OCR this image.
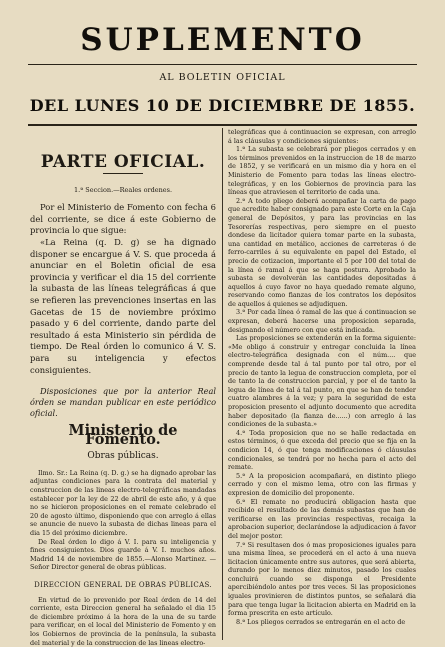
SUPLEMENTO
AL BOLETIN OFICIAL
DEL LUNES 10 DE DICIEMBRE DE 1855.
PARTE OFICIAL.
1.ª Seccion.—Reales ordenes.

Por el Ministerio de Fomento con fecha 6 del corriente, se dice á este Gobierno de provincia lo que sigue:

«La Reina (q. D. g) se ha dignado disponer se encargue á V. S. que proceda á anunciar en el Boletin oficial de esa provincia y verificar el dia 15 del corriente la subasta de las líneas telegráficas á que se refieren las prevenciones insertas en las Gacetas de 15 de noviembre próximo pasado y 6 del corriente, dando parte del resultado á esta Ministerio sin pérdida de tiempo. De Real órden lo comunico á V. S. para su inteligencia y efectos consiguientes.

Disposiciones que por la anterior Real órden se mandan publicar en este periódico oficial.
Ministerio de Fomento.
Obras públicas.

Ilmo. Sr.: La Reina (q. D. g.) se ha dignado aprobar las adjuntas condiciones para la contrata del material y construccion de las lineas electro-telegráficas mandadas establecer por la ley de 22 de abril de este año, y á que no se hicieron proposiciones en el remate celebrado el 20 de agosto último, disponiendo que con arreglo á ellas se anuncie de nuevo la subasta de dichas lineas para el dia 15 del próximo diciembre.

De Real órden lo digo á V. I. para su inteligencia y fines consiguientes. Dios guarde á V. I. muchos años. Madrid 14 de noviembre de 1855.—Alonso Martinez. —Señor Director general de obras públicas.

DIRECCION GENERAL DE OBRAS PÚBLICAS.

En virtud de lo prevenido por Real órden de 14 del corriente, esta Direccion general ha señalado el dia 15 de diciembre próximo á la hora de la una de su tarde para verificar, en el local del Ministerio de Fomento y en los Gobiernos de provincia de la península, la subasta del material y de la construccion de las lineas electro-

telegráficas que á continuacion se expresan, con arreglo á las cláusulas y condiciones siguientes:

1.ª La subasta se celebrará por pliegos cerrados y en los términos prevenidos en la instruccion de 18 de marzo de 1852, y se verificará en un mismo dia y hora en el Ministerio de Fomento para todas las líneas electro-telegráficas, y en los Gobiernos de provincia para las líneas que atraviesen el territorio de cada una.

2.ª A todo pliego deberá acompañar la carta de pago que acredite haber consignado para este Corte en la Caja general de Depósitos, y para las provincias en las Tesorerías respectivas, pero siempre en el puesto dondese da licitador quiera tomar parte en la subasta, una cantidad en metálico, acciones de carreteras ó de ferro-carriles á su equivalente en papel del Estado, el precio de cotizacion, importante el 5 por 100 del total de la línea ó ramal á que se haga postura. Aprobado la subasta se devolverán las cantidades depositadas á aquellos á cuyo favor no haya quedado remate alguno, reservando como fianzas de los contratos los depósitos de aquellos á quienes se adjudiquen.

3.ª Por cada línea ó ramal de las que á continuacion se expresan, deberá hacerse una proposicion separada, designando el número con que está indicada.

Las proposiciones se extenderán en la forma siguiente: «Me obligo á construir y entregar concluida la línea electro-telegráfica designada con el núm.... que comprende desde tal á tal punto por tal otro, por el precio de tanto la legua de construccion completa, por el de tanto la de construccion parcial, y por el de tanto la legua de línea de tal á tal punto, en que se han de tender cuatro alambres á la vez; y para la seguridad de esta proposicion presento el adjunto documento que acredita haber depositado (la fianza de......) con arreglo á las condiciones de la subasta.»

4.ª Toda proposicion que no se halle redactada en estos términos, ó que exceda del precio que se fija en la condicion 14, ó que tenga modificaciones ó cláusulas condicionales, se tendrá por no hecha para el acto del remate.

5.ª A la proposicion acompañará, en distinto pliego cerrado y con el mismo lema, otro con las firmas y expresion de domicilio del proponente.

6.ª El remate no producirá obligacion hasta que recibido el resultado de las demás subastas que han de verificarse en las provincias respectivas, recaiga la aprobacion superior, declarándose la adjudicacion á favor del mejor postor.

7.ª Si resultasen dos ó mas proposiciones iguales para una misma línea, se procederá en el acto á una nueva licitacion únicamente entre sus autores, que será abierta, durando por lo menos diez minutos, pasado los cuales concluirá cuando se disponga el Presidente apercibiéndolo antes por tres veces. Si las proposiciones iguales provinieren de distintos puntos, se señalará dia para que tenga lugar la licitacion abierta en Madrid en la forma prescrita en este artículo.

8.ª Los pliegos cerrados se entregarán en el acto de
